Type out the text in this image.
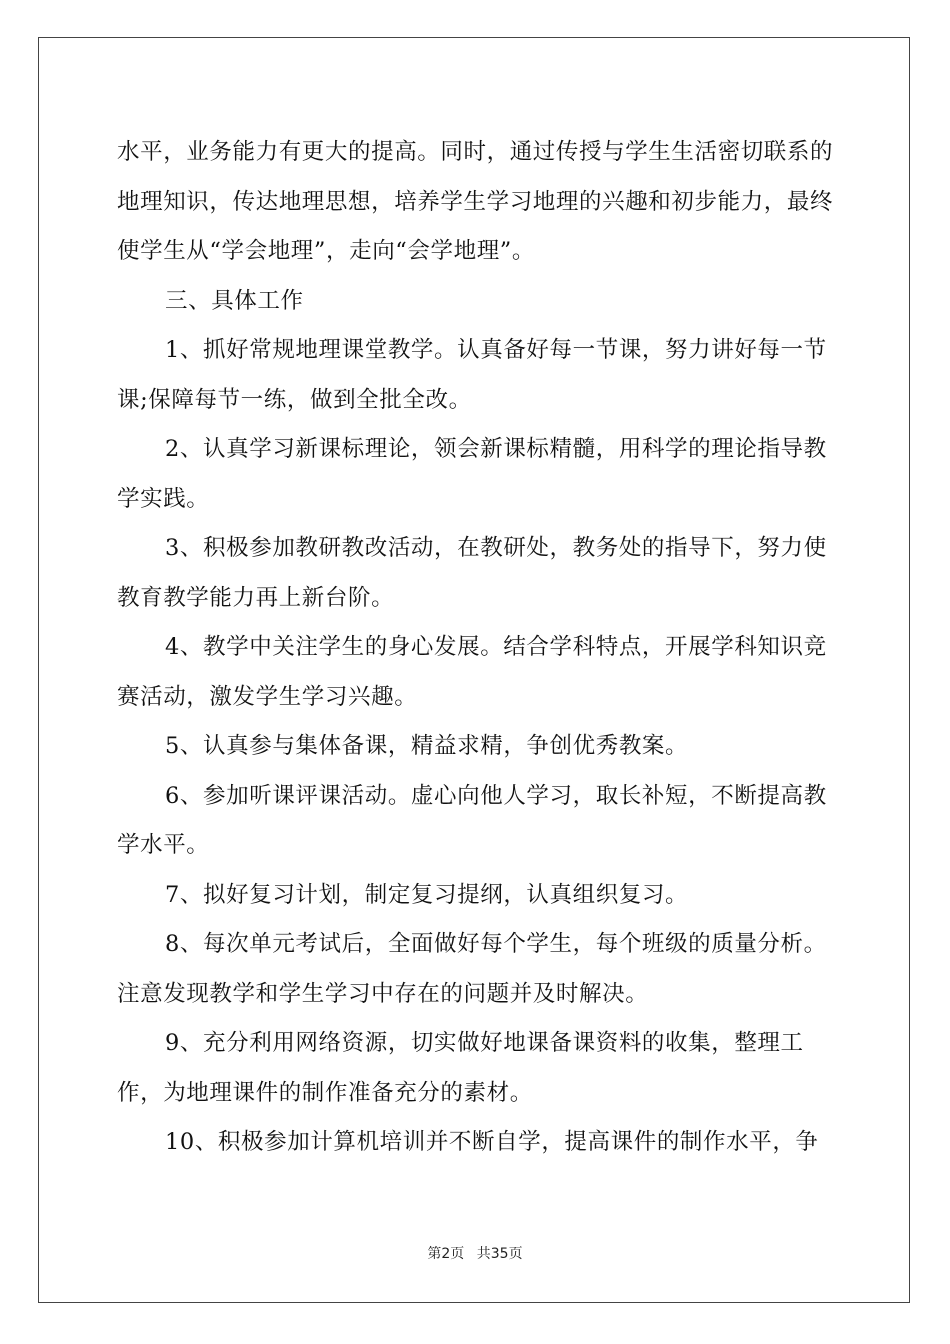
水平，业务能力有更大的提高。同时，通过传授与学生生活密切联系的地理知识，传达地理思想，培养学生学习地理的兴趣和初步能力，最终使学生从“学会地理”，走向“会学地理”。

三、具体工作

1、抓好常规地理课堂教学。认真备好每一节课，努力讲好每一节课;保障每节一练，做到全批全改。

2、认真学习新课标理论，领会新课标精髓，用科学的理论指导教学实践。

3、积极参加教研教改活动，在教研处，教务处的指导下，努力使教育教学能力再上新台阶。

4、教学中关注学生的身心发展。结合学科特点，开展学科知识竞赛活动，激发学生学习兴趣。

5、认真参与集体备课，精益求精，争创优秀教案。

6、参加听课评课活动。虚心向他人学习，取长补短，不断提高教学水平。

7、拟好复习计划，制定复习提纲，认真组织复习。

8、每次单元考试后，全面做好每个学生，每个班级的质量分析。注意发现教学和学生学习中存在的问题并及时解决。

9、充分利用网络资源，切实做好地课备课资料的收集，整理工作，为地理课件的制作准备充分的素材。

10、积极参加计算机培训并不断自学，提高课件的制作水平，争

第2页 共35页
